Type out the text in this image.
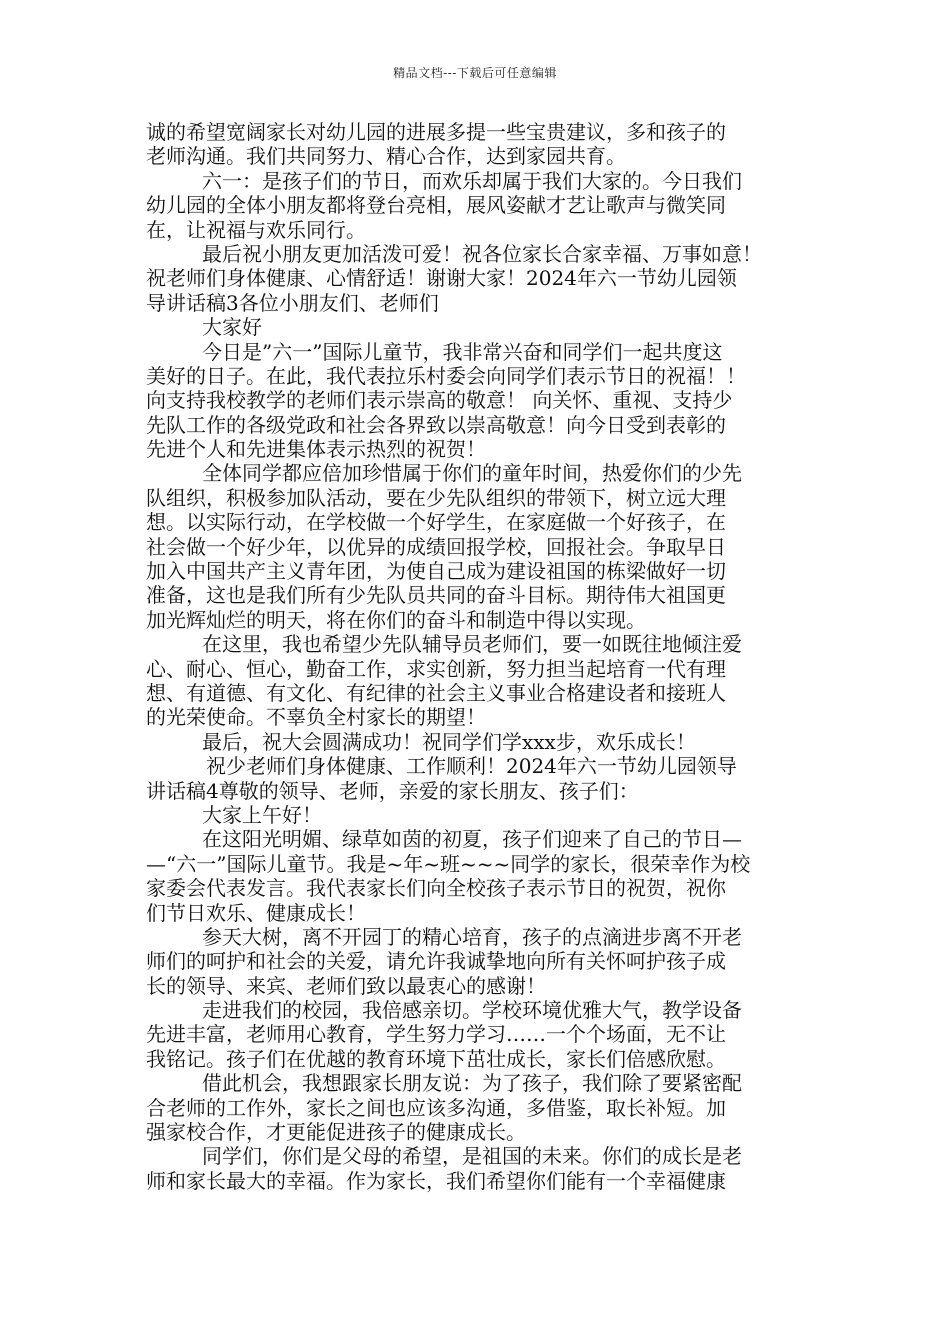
精品文档---下载后可任意编辑
诚的希望宽阔家长对幼儿园的进展多提一些宝贵建议，多和孩子的
老师沟通。我们共同努力、精心合作，达到家园共育。
六一：是孩子们的节日，而欢乐却属于我们大家的。今日我们
幼儿园的全体小朋友都将登台亮相，展风姿献才艺让歌声与微笑同
在，让祝福与欢乐同行。
最后祝小朋友更加活泼可爱！祝各位家长合家幸福、万事如意！
祝老师们身体健康、心情舒适！谢谢大家！2024年六一节幼儿园领
导讲话稿3各位小朋友们、老师们
大家好
今日是”六一”国际儿童节，我非常兴奋和同学们一起共度这
美好的日子。在此，我代表拉乐村委会向同学们表示节日的祝福！！
向支持我校教学的老师们表示崇高的敬意！ 向关怀、重视、支持少
先队工作的各级党政和社会各界致以崇高敬意！向今日受到表彰的
先进个人和先进集体表示热烈的祝贺！
全体同学都应倍加珍惜属于你们的童年时间，热爱你们的少先
队组织，积极参加队活动，要在少先队组织的带领下，树立远大理
想。以实际行动，在学校做一个好学生，在家庭做一个好孩子，在
社会做一个好少年，以优异的成绩回报学校，回报社会。争取早日
加入中国共产主义青年团，为使自己成为建设祖国的栋梁做好一切
准备，这也是我们所有少先队员共同的奋斗目标。期待伟大祖国更
加光辉灿烂的明天，将在你们的奋斗和制造中得以实现。
在这里，我也希望少先队辅导员老师们，要一如既往地倾注爱
心、耐心、恒心，勤奋工作，求实创新，努力担当起培育一代有理
想、有道德、有文化、有纪律的社会主义事业合格建设者和接班人
的光荣使命。不辜负全村家长的期望！
最后，祝大会圆满成功！祝同学们学xxx步，欢乐成长！
祝少老师们身体健康、工作顺利！2024年六一节幼儿园领导
讲话稿4尊敬的领导、老师，亲爱的家长朋友、孩子们：
大家上午好！
在这阳光明媚、绿草如茵的初夏，孩子们迎来了自己的节日—
—“六一”国际儿童节。我是~年~班~~~同学的家长，很荣幸作为校
家委会代表发言。我代表家长们向全校孩子表示节日的祝贺，祝你
们节日欢乐、健康成长！
参天大树，离不开园丁的精心培育，孩子的点滴进步离不开老
师们的呵护和社会的关爱，请允许我诚挚地向所有关怀呵护孩子成
长的领导、来宾、老师们致以最衷心的感谢！
走进我们的校园，我倍感亲切。学校环境优雅大气，教学设备
先进丰富，老师用心教育，学生努力学习……一个个场面，无不让
我铭记。孩子们在优越的教育环境下茁壮成长，家长们倍感欣慰。
借此机会，我想跟家长朋友说：为了孩子，我们除了要紧密配
合老师的工作外，家长之间也应该多沟通，多借鉴，取长补短。加
强家校合作，才更能促进孩子的健康成长。
同学们，你们是父母的希望，是祖国的未来。你们的成长是老
师和家长最大的幸福。作为家长，我们希望你们能有一个幸福健康
